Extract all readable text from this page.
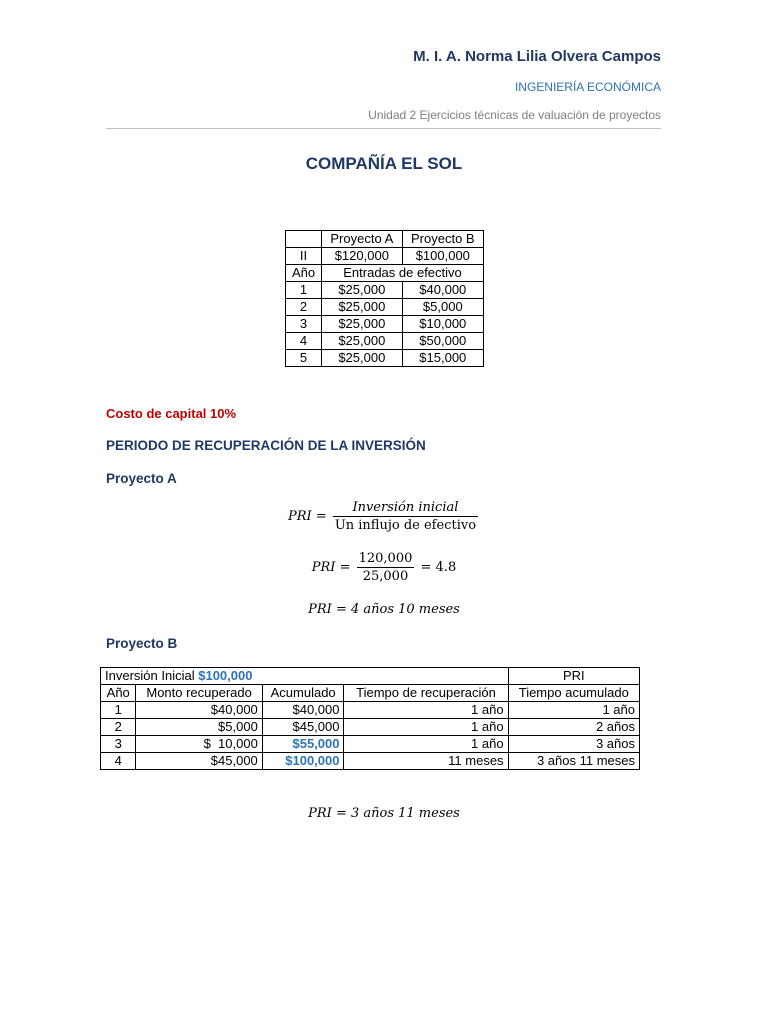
M. I. A. Norma Lilia Olvera Campos
INGENIERÍA ECONÓMICA
Unidad 2 Ejercicios técnicas de valuación de proyectos
COMPAÑÍA EL SOL
	Proyecto A	Proyecto B
II	$120,000	$100,000
Año	Entradas de efectivo	
1	$25,000	$40,000
2	$25,000	$5,000
3	$25,000	$10,000
4	$25,000	$50,000
5	$25,000	$15,000
Costo de capital 10%
PERIODO DE RECUPERACIÓN DE LA INVERSIÓN
Proyecto A
PRI = $\frac{\text{Inversión inicial}}{\text{Un influjo de efectivo}}$
PRI = $\frac{120,000}{25,000} = 4.8$
PRI = 4 años 10 meses
Proyecto B
Inversión Inicial $100,000				PRI
Año	Monto recuperado	Acumulado	Tiempo de recuperación	Tiempo acumulado
1	$40,000	$40,000	1 año	1 año
2	$5,000	$45,000	1 año	2 años
3	$  10,000	$55,000	1 año	3 años
4	$45,000	$100,000	11 meses	3 años 11 meses
PRI = 3 años 11 meses
